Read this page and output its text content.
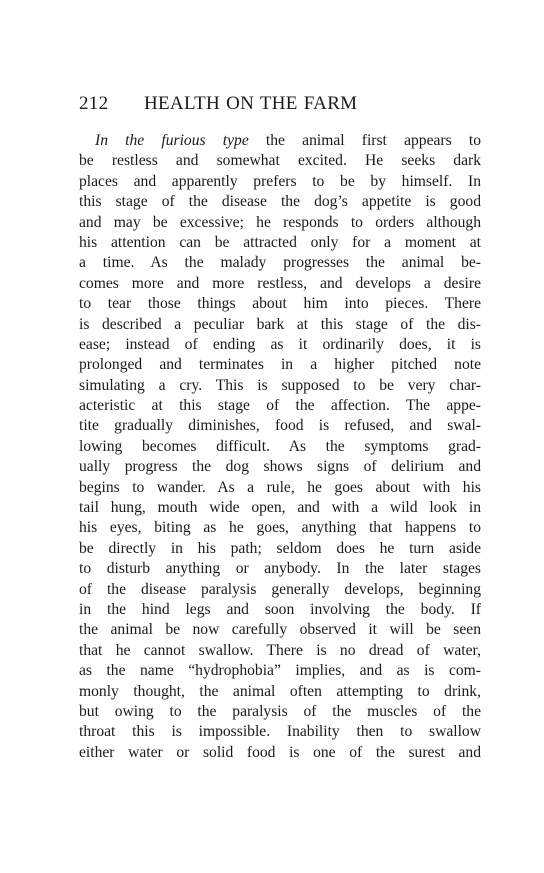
212 HEALTH ON THE FARM
In the furious type the animal first appears to
be restless and somewhat excited. He seeks dark
places and apparently prefers to be by himself. In
this stage of the disease the dog’s appetite is good
and may be excessive; he responds to orders although
his attention can be attracted only for a moment at
a time. As the malady progresses the animal be-
comes more and more restless, and develops a desire
to tear those things about him into pieces. There
is described a peculiar bark at this stage of the dis-
ease; instead of ending as it ordinarily does, it is
prolonged and terminates in a higher pitched note
simulating a cry. This is supposed to be very char-
acteristic at this stage of the affection. The appe-
tite gradually diminishes, food is refused, and swal-
lowing becomes difficult. As the symptoms grad-
ually progress the dog shows signs of delirium and
begins to wander. As a rule, he goes about with his
tail hung, mouth wide open, and with a wild look in
his eyes, biting as he goes, anything that happens to
be directly in his path; seldom does he turn aside
to disturb anything or anybody. In the later stages
of the disease paralysis generally develops, beginning
in the hind legs and soon involving the body. If
the animal be now carefully observed it will be seen
that he cannot swallow. There is no dread of water,
as the name “hydrophobia” implies, and as is com-
monly thought, the animal often attempting to drink,
but owing to the paralysis of the muscles of the
throat this is impossible. Inability then to swallow
either water or solid food is one of the surest and
